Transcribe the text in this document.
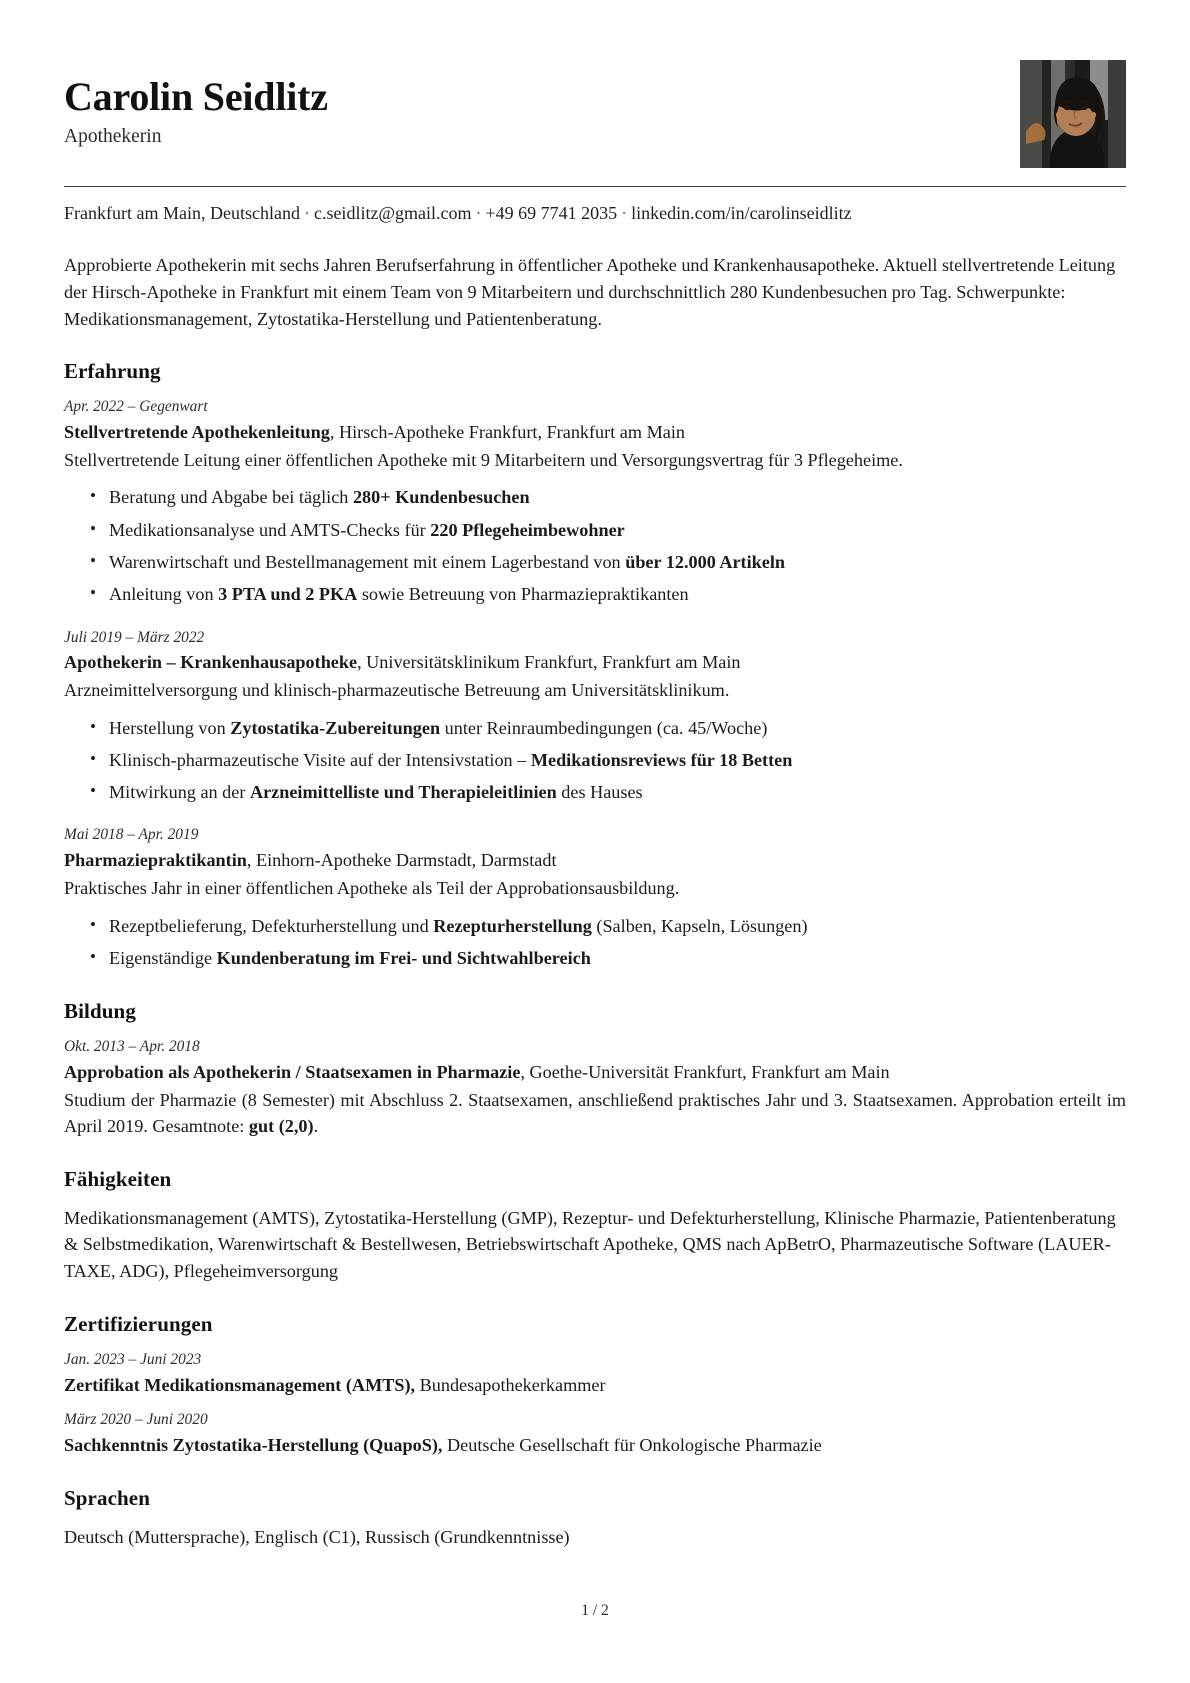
Carolin Seidlitz

Apothekerin

Frankfurt am Main, Deutschland · c.seidlitz@gmail.com · +49 69 7741 2035 · linkedin.com/in/carolinseidlitz

Approbierte Apothekerin mit sechs Jahren Berufserfahrung in öffentlicher Apotheke und Krankenhausapotheke. Aktuell stellvertretende Leitung der Hirsch-Apotheke in Frankfurt mit einem Team von 9 Mitarbeitern und durchschnittlich 280 Kundenbesuchen pro Tag. Schwerpunkte: Medikationsmanagement, Zytostatika-Herstellung und Patientenberatung.

Erfahrung
Apr. 2022 – Gegenwart
Stellvertretende Apothekenleitung, Hirsch-Apotheke Frankfurt, Frankfurt am Main
Stellvertretende Leitung einer öffentlichen Apotheke mit 9 Mitarbeitern und Versorgungsvertrag für 3 Pflegeheime.
• Beratung und Abgabe bei täglich 280+ Kundenbesuchen
• Medikationsanalyse und AMTS-Checks für 220 Pflegeheimbewohner
• Warenwirtschaft und Bestellmanagement mit einem Lagerbestand von über 12.000 Artikeln
• Anleitung von 3 PTA und 2 PKA sowie Betreuung von Pharmaziepraktikanten
Juli 2019 – März 2022
Apothekerin – Krankenhausapotheke, Universitätsklinikum Frankfurt, Frankfurt am Main
Arzneimittelversorgung und klinisch-pharmazeutische Betreuung am Universitätsklinikum.
• Herstellung von Zytostatika-Zubereitungen unter Reinraumbedingungen (ca. 45/Woche)
• Klinisch-pharmazeutische Visite auf der Intensivstation – Medikationsreviews für 18 Betten
• Mitwirkung an der Arzneimittelliste und Therapieleitlinien des Hauses
Mai 2018 – Apr. 2019
Pharmaziepraktikantin, Einhorn-Apotheke Darmstadt, Darmstadt
Praktisches Jahr in einer öffentlichen Apotheke als Teil der Approbationsausbildung.
• Rezeptbelieferung, Defekturherstellung und Rezepturherstellung (Salben, Kapseln, Lösungen)
• Eigenständige Kundenberatung im Frei- und Sichtwahlbereich
Bildung
Okt. 2013 – Apr. 2018
Approbation als Apothekerin / Staatsexamen in Pharmazie, Goethe-Universität Frankfurt, Frankfurt am Main
Studium der Pharmazie (8 Semester) mit Abschluss 2. Staatsexamen, anschließend praktisches Jahr und 3. Staatsexamen. Approbation erteilt im April 2019. Gesamtnote: gut (2,0).
Fähigkeiten

Medikationsmanagement (AMTS), Zytostatika-Herstellung (GMP), Rezeptur- und Defekturherstellung, Klinische Pharmazie, Patientenberatung & Selbstmedikation, Warenwirtschaft & Bestellwesen, Betriebswirtschaft Apotheke, QMS nach ApBetrO, Pharmazeutische Software (LAUER-TAXE, ADG), Pflegeheimversorgung

Zertifizierungen
Jan. 2023 – Juni 2023
Zertifikat Medikationsmanagement (AMTS), Bundesapothekerkammer
März 2020 – Juni 2020
Sachkenntnis Zytostatika-Herstellung (QuapoS), Deutsche Gesellschaft für Onkologische Pharmazie
Sprachen

Deutsch (Muttersprache), Englisch (C1), Russisch (Grundkenntnisse)

1 / 2
